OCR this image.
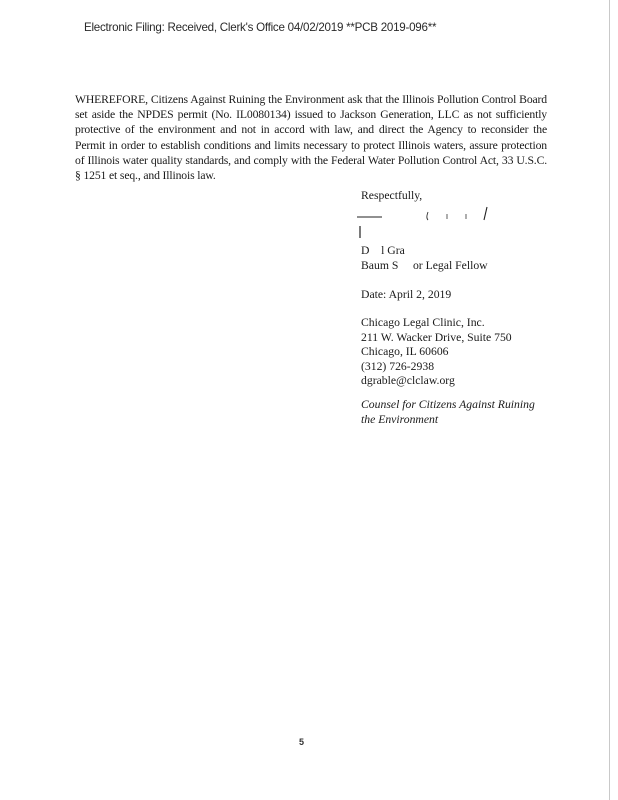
Electronic Filing: Received, Clerk's Office 04/02/2019 **PCB 2019-096**
WHEREFORE, Citizens Against Ruining the Environment ask that the Illinois Pollution Control Board set aside the NPDES permit (No. IL0080134) issued to Jackson Generation, LLC as not sufficiently protective of the environment and not in accord with law, and direct the Agency to reconsider the Permit in order to establish conditions and limits necessary to protect Illinois waters, assure protection of Illinois water quality standards, and comply with the Federal Water Pollution Control Act, 33 U.S.C. § 1251 et seq., and Illinois law.
Respectfully,
D    l Gra
Baum S     or Legal Fellow
Date: April 2, 2019
Chicago Legal Clinic, Inc.
211 W. Wacker Drive, Suite 750
Chicago, IL 60606
(312) 726-2938
dgrable@clclaw.org
Counsel for Citizens Against Ruining
the Environment
5
